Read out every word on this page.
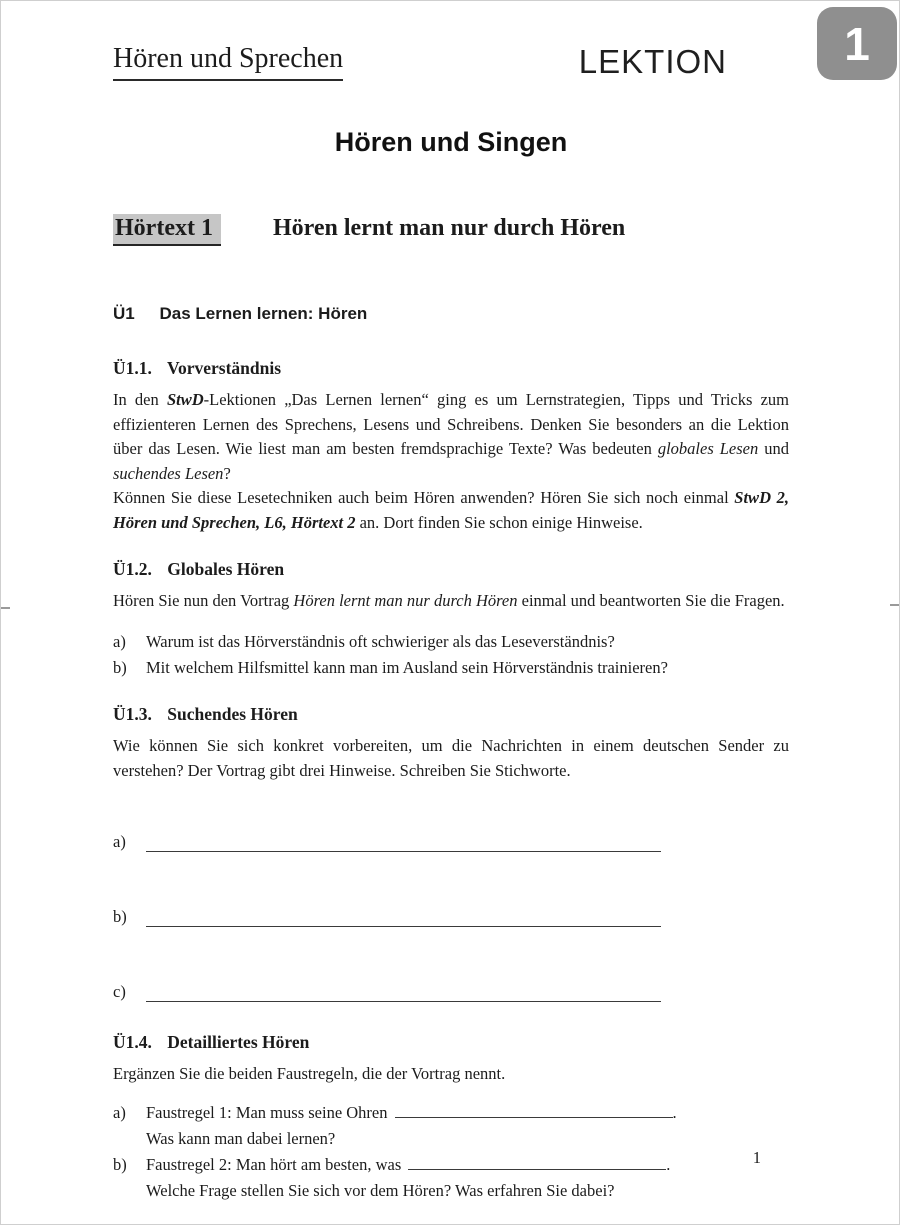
1
Hören und Sprechen	LEKTION
Hören und Singen
Hörtext 1	Hören lernt man nur durch Hören
Ü1 Das Lernen lernen: Hören
Ü1.1. Vorverständnis

In den StwD-Lektionen „Das Lernen lernen“ ging es um Lernstrategien, Tipps und Tricks zum effizienteren Lernen des Sprechens, Lesens und Schreibens. Denken Sie besonders an die Lektion über das Lesen. Wie liest man am besten fremdsprachige Texte? Was bedeuten globales Lesen und suchendes Lesen?

Können Sie diese Lesetechniken auch beim Hören anwenden? Hören Sie sich noch einmal StwD 2, Hören und Sprechen, L6, Hörtext 2 an. Dort finden Sie schon einige Hinweise.

Ü1.2. Globales Hören

Hören Sie nun den Vortrag Hören lernt man nur durch Hören einmal und beantworten Sie die Fragen.

a)	Warum ist das Hörverständnis oft schwieriger als das Leseverständnis?
b)	Mit welchem Hilfsmittel kann man im Ausland sein Hörverständnis trainieren?
Ü1.3. Suchendes Hören

Wie können Sie sich konkret vorbereiten, um die Nachrichten in einem deutschen Sender zu verstehen? Der Vortrag gibt drei Hinweise. Schreiben Sie Stichworte.

a)
b)
c)
Ü1.4. Detailliertes Hören

Ergänzen Sie die beiden Faustregeln, die der Vortrag nennt.

a)	Faustregel 1: Man muss seine Ohren	.
Was kann man dabei lernen?
b)	Faustregel 2: Man hört am besten, was	.
Welche Frage stellen Sie sich vor dem Hören? Was erfahren Sie dabei?
1
